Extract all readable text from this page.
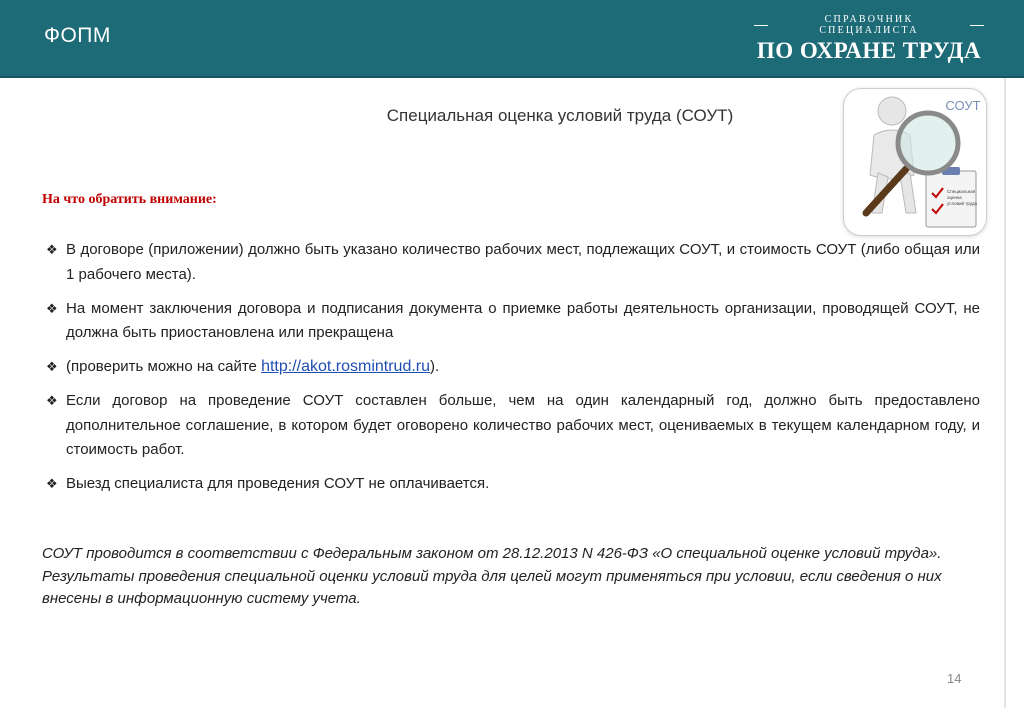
ФОПМ
СПРАВОЧНИК СПЕЦИАЛИСТА
ПО ОХРАНЕ ТРУДА
Специальная
оценка
условий труда
СОУТ
Специальная оценка условий труда (СОУТ)
На что обратить внимание:
❖ В договоре (приложении) должно быть указано количество рабочих мест, подлежащих СОУТ, и стоимость СОУТ (либо общая или 1 рабочего места).
❖ На момент заключения договора и подписания документа о приемке работы деятельность организации, проводящей СОУТ, не должна быть приостановлена или прекращена
❖ (проверить можно на сайте http://akot.rosmintrud.ru).
❖ Если договор на проведение СОУТ составлен больше, чем на один календарный год, должно быть предоставлено дополнительное соглашение, в котором будет оговорено количество рабочих мест, оцениваемых в текущем календарном году, и стоимость работ.
❖ Выезд специалиста для проведения СОУТ не оплачивается.
СОУТ проводится в соответствии с Федеральным законом от 28.12.2013 N 426-ФЗ «О специальной оценке условий труда».
Результаты проведения специальной оценки условий труда для целей могут применяться при условии, если сведения о них внесены в информационную систему учета.
14
